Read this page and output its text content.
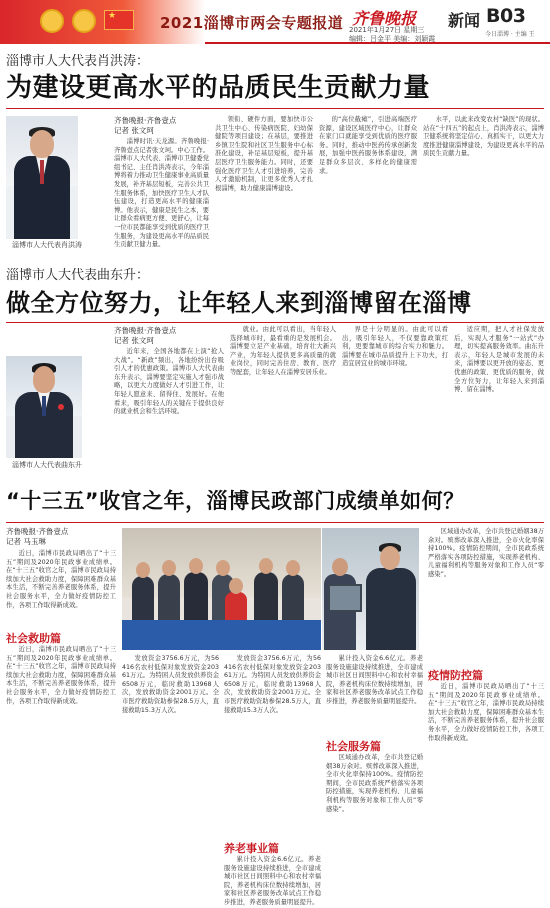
★
2021淄博市两会专题报道 齐鲁晚报
2021年1月27日 星期三
编辑：吕金平 美编：刘颖霞
新闻 B03
今日淄博 · 主编 王
淄博市人大代表肖洪涛：
为建设更高水平的品质民生贡献力量
淄博市人大代表肖洪涛
齐鲁晚报·齐鲁壹点
记者 张文珂
淄博时讯·天龙源。齐鲁晚报·齐鲁壹点记者张文珂。中心工作。淄博市人大代表、淄博市卫健委党组书记、主任肖洪涛表示，今年淄博将着力推动卫生健康事业高质量发展，补齐基层短板，完善公共卫生服务体系，加快医疗卫生人才队伍建设，打造更高水平的健康淄博。他表示，健康是民生之本，要让群众看病更方便、更舒心，让每一位市民都能享受到优质的医疗卫生服务，为建设更高水平的品质民生贡献卫健力量。
领衔、硬件方面，要加快市公共卫生中心、传染病医院、妇幼保健院等项目建设；在基层，要推进乡镇卫生院和社区卫生服务中心标准化建设，补足基层短板，提升基层医疗卫生服务能力。同时，还要强化医疗卫生人才引进培养，完善人才激励机制，让更多优秀人才扎根淄博，助力健康淄博建设。
的“高位截瘫”，引进高端医疗资源，建设区域医疗中心，让群众在家门口就能享受到优质的医疗服务。同时，推动中医药传承创新发展，加强中医药服务体系建设，满足群众多层次、多样化的健康需求。
水平，以此来改变农村“缺医”的现状。站在“十四五”的起点上，肖洪涛表示，淄博卫健系统将坚定信心、真抓实干，以更大力度推进健康淄博建设，为建设更高水平的品质民生贡献力量。
淄博市人大代表曲东升：
做全方位努力，让年轻人来到淄博留在淄博
齐鲁晚报·齐鲁壹点
记者 张文珂
淄博市人大代表曲东升
近年来，全国各地都在上演“抢人大战”。“新政”频出，各地纷纷出台吸引人才的优惠政策。淄博市人大代表曲东升表示，淄博要坚定实施人才强市战略，以更大力度做好人才引进工作，让年轻人愿意来、留得住、发展好。在他看来，吸引年轻人的关键在于提供良好的就业机会和生活环境。
就业。由此可以看出，当年轻人选择城市时，最看重的是发展机会。淄博要立足产业基础，培育壮大新兴产业，为年轻人提供更多高质量的就业岗位，同时完善住房、教育、医疗等配套，让年轻人在淄博安居乐业。
界是十分明显的。由此可以看出，吸引年轻人，不仅要靠政策红利，更要靠城市的综合实力和魅力。淄博要在城市品质提升上下功夫，打造宜居宜业的城市环境。
适应期，把人才社保发放后，实现人才服务“一站式”办理，切实提高服务效率。曲东升表示，年轻人是城市发展的未来，淄博要以更开放的姿态、更优惠的政策、更优质的服务，做全方位努力，让年轻人来到淄博、留在淄博。
“十三五”收官之年，淄博民政部门成绩单如何？
齐鲁晚报·齐鲁壹点
记者 马玉琳
近日，淄博市民政局晒出了“十三五”期间及2020年民政事业成绩单。在“十三五”收官之年，淄博市民政局持续加大社会救助力度，保障困难群众基本生活，不断完善养老服务体系，提升社会服务水平，全力做好疫情防控工作，各项工作取得新成效。
社会救助篇
近日，淄博市民政局晒出了“十三五”期间及2020年民政事业成绩单。在“十三五”收官之年，淄博市民政局持续加大社会救助力度，保障困难群众基本生活，不断完善养老服务体系，提升社会服务水平，全力做好疫情防控工作，各项工作取得新成效。
发放资金3756.6万元，为56416名农村低保对象发放资金20361万元。为特困人员发放供养资金6508万元，临时救助13968人次，发放救助资金2001万元。全市医疗救助资助参保28.5万人，直接救助15.3万人次。
发放资金3756.6万元，为56416名农村低保对象发放资金20361万元。为特困人员发放供养资金6508万元，临时救助13968人次，发放救助资金2001万元。全市医疗救助资助参保28.5万人，直接救助15.3万人次。
养老事业篇
累计投入资金6.6亿元。养老服务设施建设持续推进，全市建成城市社区日间照料中心和农村幸福院，养老机构床位数持续增加，居家和社区养老服务改革试点工作稳步推进，养老服务质量明显提升。
累计投入资金6.6亿元。养老服务设施建设持续推进，全市建成城市社区日间照料中心和农村幸福院，养老机构床位数持续增加，居家和社区养老服务改革试点工作稳步推进，养老服务质量明显提升。
社会服务篇
区域通办改革，全市共登记婚姻38万余对。殡葬改革深入推进，全市火化率保持100%。疫情防控期间，全市民政系统严格落实各项防控措施，实现养老机构、儿童福利机构等服务对象和工作人员“零感染”。
区域通办改革，全市共登记婚姻38万余对。殡葬改革深入推进，全市火化率保持100%。疫情防控期间，全市民政系统严格落实各项防控措施，实现养老机构、儿童福利机构等服务对象和工作人员“零感染”。
疫情防控篇
近日，淄博市民政局晒出了“十三五”期间及2020年民政事业成绩单。在“十三五”收官之年，淄博市民政局持续加大社会救助力度，保障困难群众基本生活，不断完善养老服务体系，提升社会服务水平，全力做好疫情防控工作，各项工作取得新成效。
